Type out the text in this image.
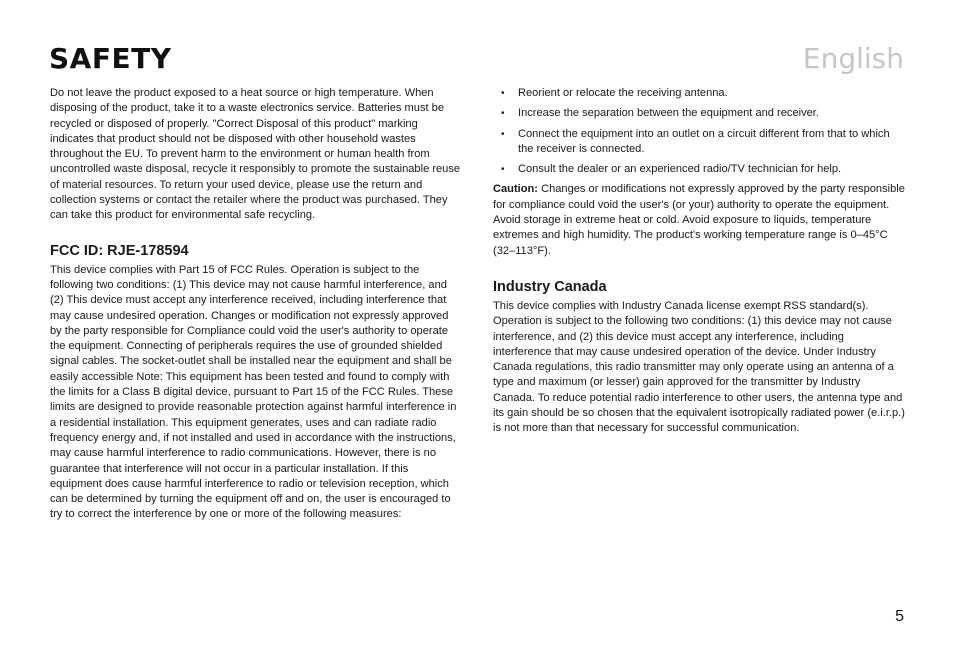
SAFETY	English

Do not leave the product exposed to a heat source or high temperature. When disposing of the product, take it to a waste electronics service. Batteries must be recycled or disposed of properly. "Correct Disposal of this product" marking indicates that product should not be disposed with other household wastes throughout the EU. To prevent harm to the environment or human health from uncontrolled waste disposal, recycle it responsibly to promote the sustainable reuse of material resources. To return your used device, please use the return and collection systems or contact the retailer where the product was purchased. They can take this product for environmental safe recycling.

FCC ID: RJE-178594

This device complies with Part 15 of FCC Rules. Operation is subject to the following two conditions: (1) This device may not cause harmful interference, and (2) This device must accept any interference received, including interference that may cause undesired operation. Changes or modification not expressly approved by the party responsible for Compliance could void the user's authority to operate the equipment. Connecting of peripherals requires the use of grounded shielded signal cables. The socket-outlet shall be installed near the equipment and shall be easily accessible Note: This equipment has been tested and found to comply with the limits for a Class B digital device, pursuant to Part 15 of the FCC Rules. These limits are designed to provide reasonable protection against harmful interference in a residential installation. This equipment generates, uses and can radiate radio frequency energy and, if not installed and used in accordance with the instructions, may cause harmful interference to radio communications. However, there is no guarantee that interference will not occur in a particular installation. If this equipment does cause harmful interference to radio or television reception, which can be determined by turning the equipment off and on, the user is encouraged to try to correct the interference by one or more of the following measures:

• Reorient or relocate the receiving antenna.
• Increase the separation between the equipment and receiver.
• Connect the equipment into an outlet on a circuit different from that to which the receiver is connected.
• Consult the dealer or an experienced radio/TV technician for help.

Caution: Changes or modifications not expressly approved by the party responsible for compliance could void the user's (or your) authority to operate the equipment. Avoid storage in extreme heat or cold. Avoid exposure to liquids, temperature extremes and high humidity. The product's working temperature range is 0–45°C (32–113°F).

Industry Canada

This device complies with Industry Canada license exempt RSS standard(s). Operation is subject to the following two conditions: (1) this device may not cause interference, and (2) this device must accept any interference, including interference that may cause undesired operation of the device. Under Industry Canada regulations, this radio transmitter may only operate using an antenna of a type and maximum (or lesser) gain approved for the transmitter by Industry Canada. To reduce potential radio interference to other users, the antenna type and its gain should be so chosen that the equivalent isotropically radiated power (e.i.r.p.) is not more than that necessary for successful communication.

5
